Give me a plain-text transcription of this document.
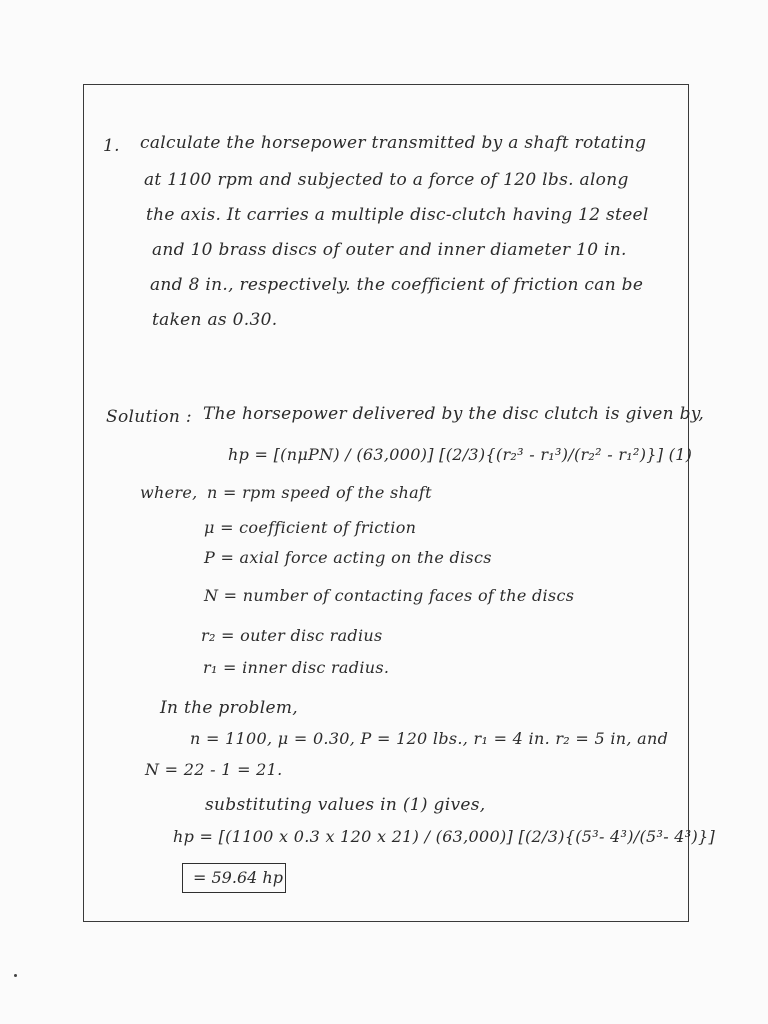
1. calculate the horsepower transmitted by a shaft rotating
at 1100 rpm and subjected to a force of 120 lbs. along
the axis. It carries a multiple disc-clutch having 12 steel
and 10 brass discs of outer and inner diameter 10 in.
and 8 in., respectively. the coefficient of friction can be
taken as 0.30.
Solution : The horsepower delivered by the disc clutch is given by,
hp = [(nμPN) / (63,000)] [(2/3){(r₂³ - r₁³)/(r₂² - r₁²)}] (1)
where, n = rpm speed of the shaft
μ = coefficient of friction
P = axial force acting on the discs
N = number of contacting faces of the discs
r₂ = outer disc radius
r₁ = inner disc radius.
In the problem,
n = 1100, μ = 0.30, P = 120 lbs., r₁ = 4 in. r₂ = 5 in, and
N = 22 - 1 = 21.
substituting values in (1) gives,
hp = [(1100 x 0.3 x 120 x 21) / (63,000)] [(2/3){(5³- 4³)/(5³- 4³)}]
= 59.64 hp
